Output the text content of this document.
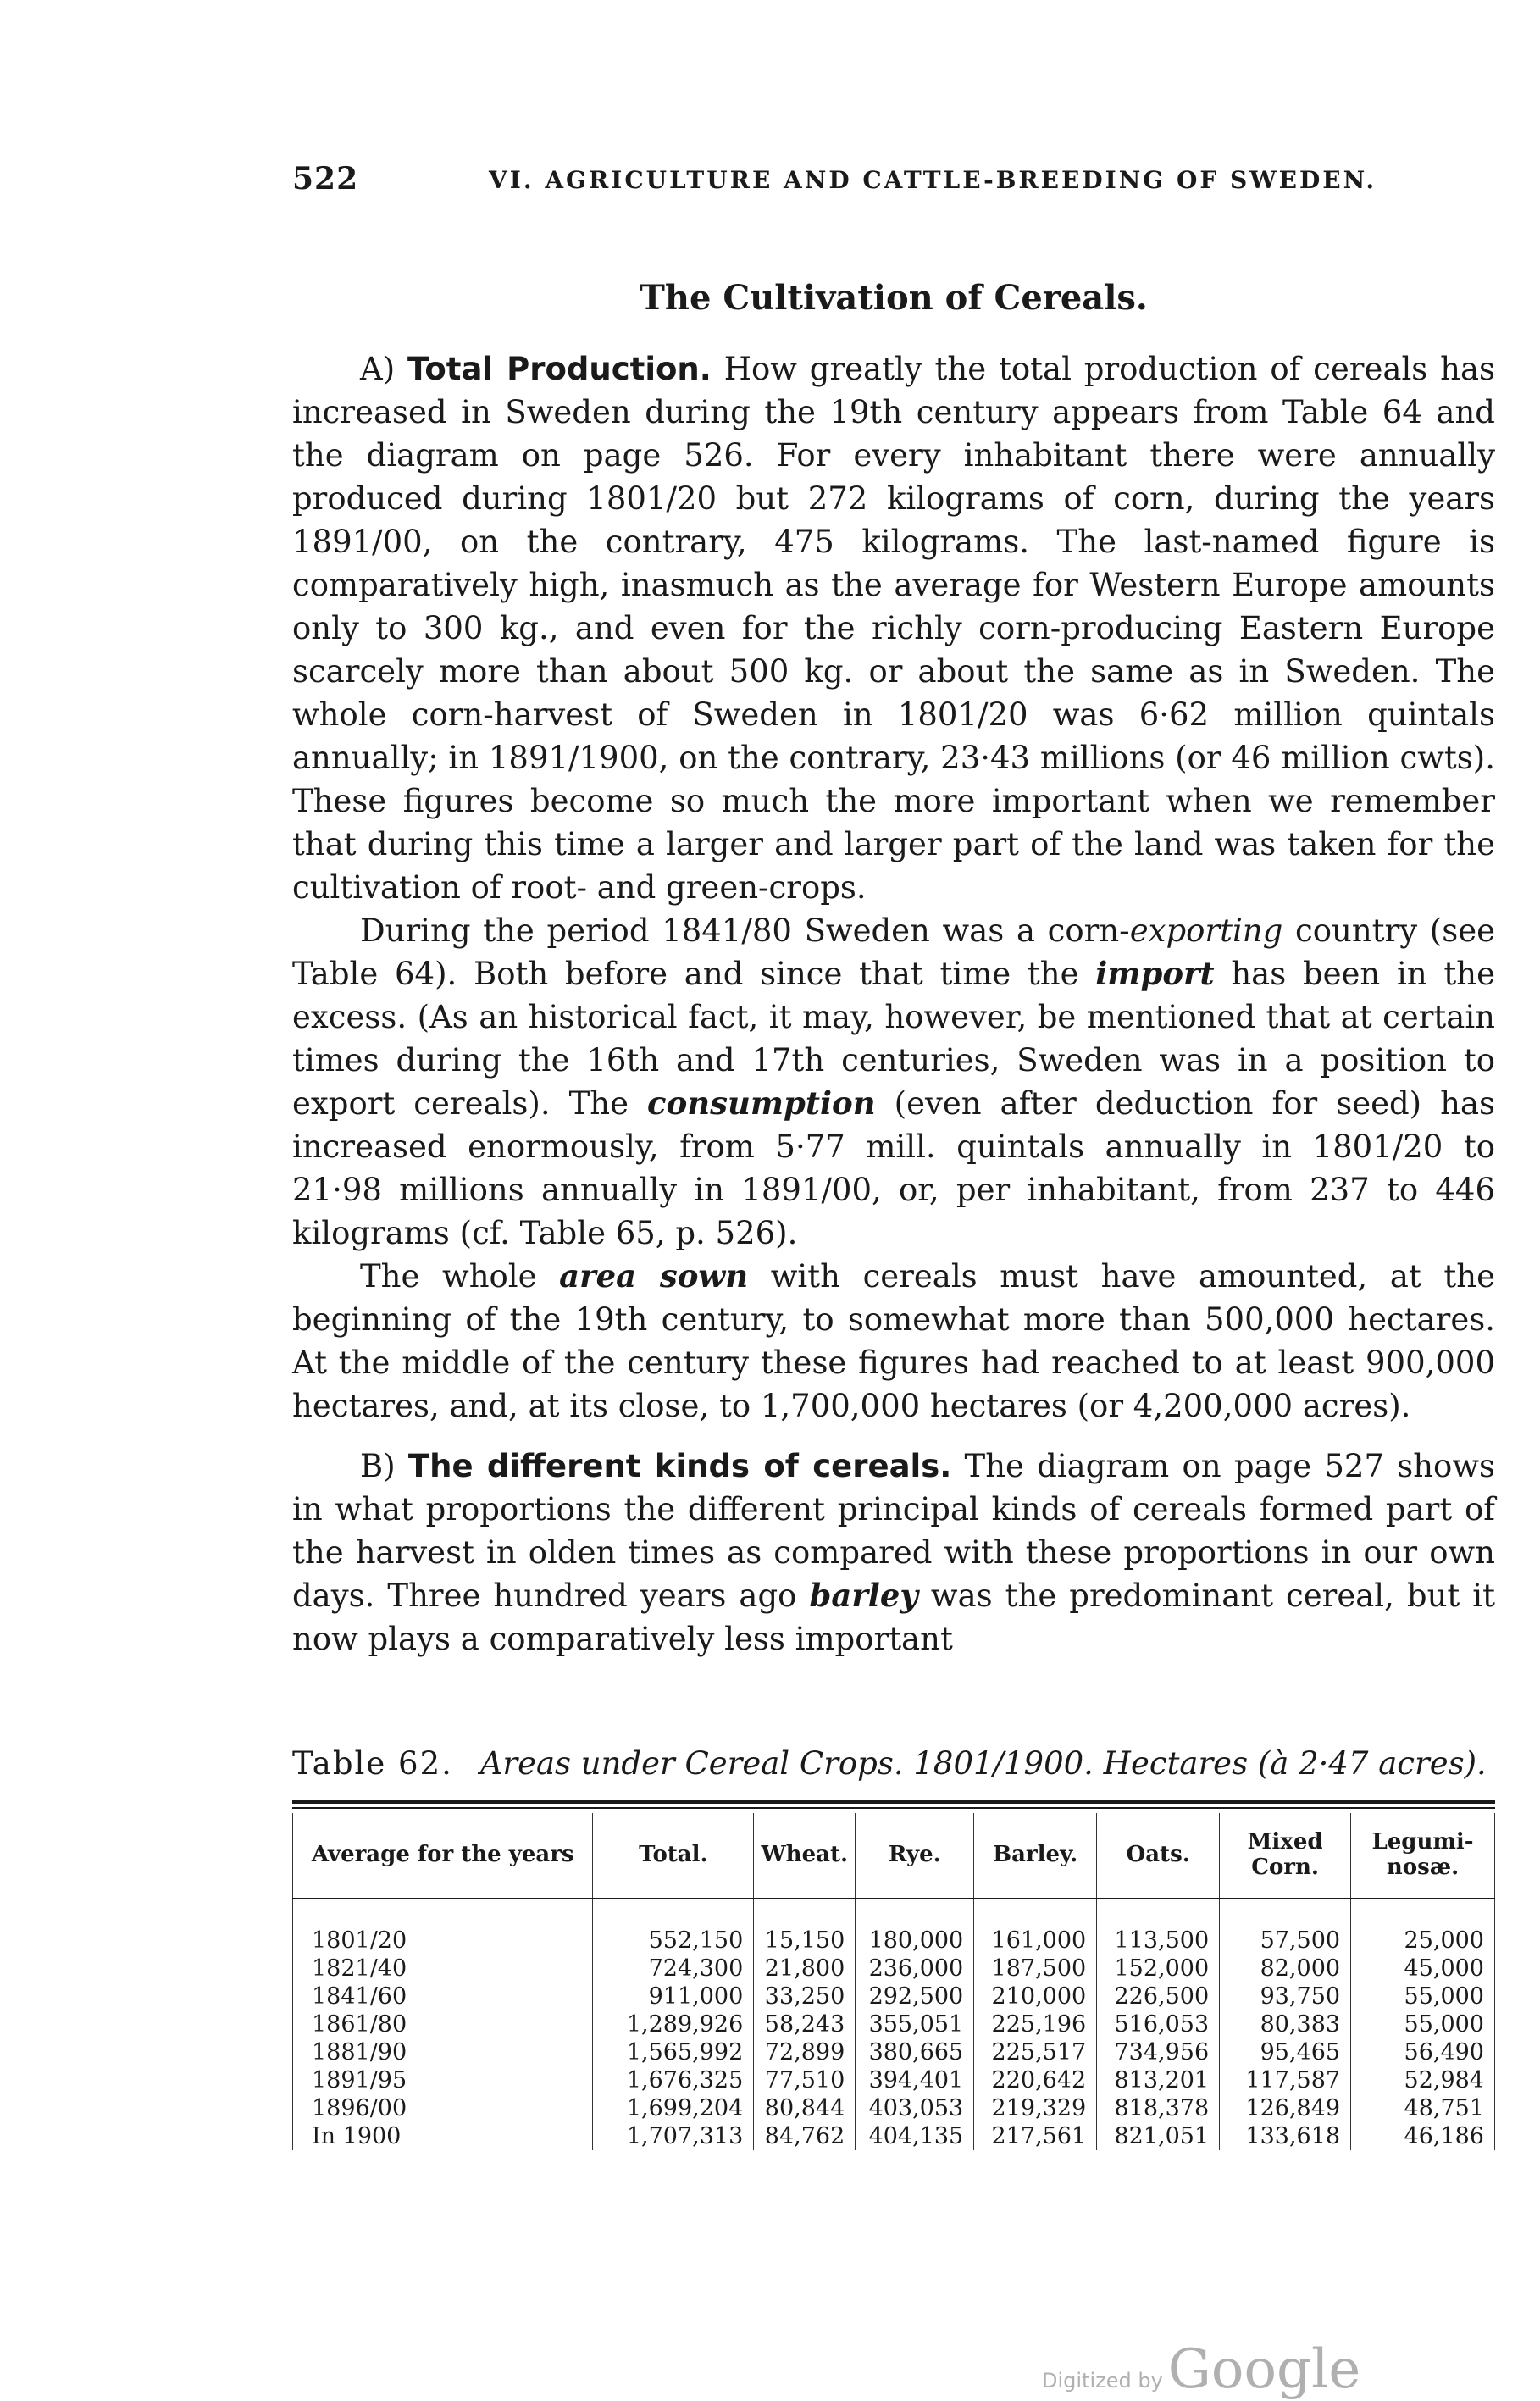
522	VI. AGRICULTURE AND CATTLE-BREEDING OF SWEDEN.
The Cultivation of Cereals.

A) Total Production. How greatly the total production of cereals has increased in Sweden during the 19th century appears from Table 64 and the diagram on page 526. For every inhabitant there were annually produced during 1801/20 but 272 kilograms of corn, during the years 1891/00, on the contrary, 475 kilograms. The last-named figure is comparatively high, inasmuch as the average for Western Europe amounts only to 300 kg., and even for the richly corn-producing Eastern Europe scarcely more than about 500 kg. or about the same as in Sweden. The whole corn-harvest of Sweden in 1801/20 was 6·62 million quintals annually; in 1891/1900, on the contrary, 23·43 millions (or 46 million cwts). These figures become so much the more important when we remember that during this time a larger and larger part of the land was taken for the cultivation of root- and green-crops.

During the period 1841/80 Sweden was a corn-exporting country (see Table 64). Both before and since that time the import has been in the excess. (As an historical fact, it may, however, be mentioned that at certain times during the 16th and 17th centuries, Sweden was in a position to export cereals). The consumption (even after deduction for seed) has increased enormously, from 5·77 mill. quintals annually in 1801/20 to 21·98 millions annually in 1891/00, or, per inhabitant, from 237 to 446 kilograms (cf. Table 65, p. 526).

The whole area sown with cereals must have amounted, at the beginning of the 19th century, to somewhat more than 500,000 hectares. At the middle of the century these figures had reached to at least 900,000 hectares, and, at its close, to 1,700,000 hectares (or 4,200,000 acres).

B) The different kinds of cereals. The diagram on page 527 shows in what proportions the different principal kinds of cereals formed part of the harvest in olden times as compared with these proportions in our own days. Three hundred years ago barley was the predominant cereal, but it now plays a comparatively less important

Table 62. Areas under Cereal Crops. 1801/1900. Hectares (à 2·47 acres).
Average for the years	Total.	Wheat.	Rye.	Barley.	Oats.	Mixed Corn.	Legumi-nosæ.
1801/20	552,150	15,150	180,000	161,000	113,500	57,500	25,000
1821/40	724,300	21,800	236,000	187,500	152,000	82,000	45,000
1841/60	911,000	33,250	292,500	210,000	226,500	93,750	55,000
1861/80	1,289,926	58,243	355,051	225,196	516,053	80,383	55,000
1881/90	1,565,992	72,899	380,665	225,517	734,956	95,465	56,490
1891/95	1,676,325	77,510	394,401	220,642	813,201	117,587	52,984
1896/00	1,699,204	80,844	403,053	219,329	818,378	126,849	48,751
In 1900	1,707,313	84,762	404,135	217,561	821,051	133,618	46,186
Digitized byGoogle
